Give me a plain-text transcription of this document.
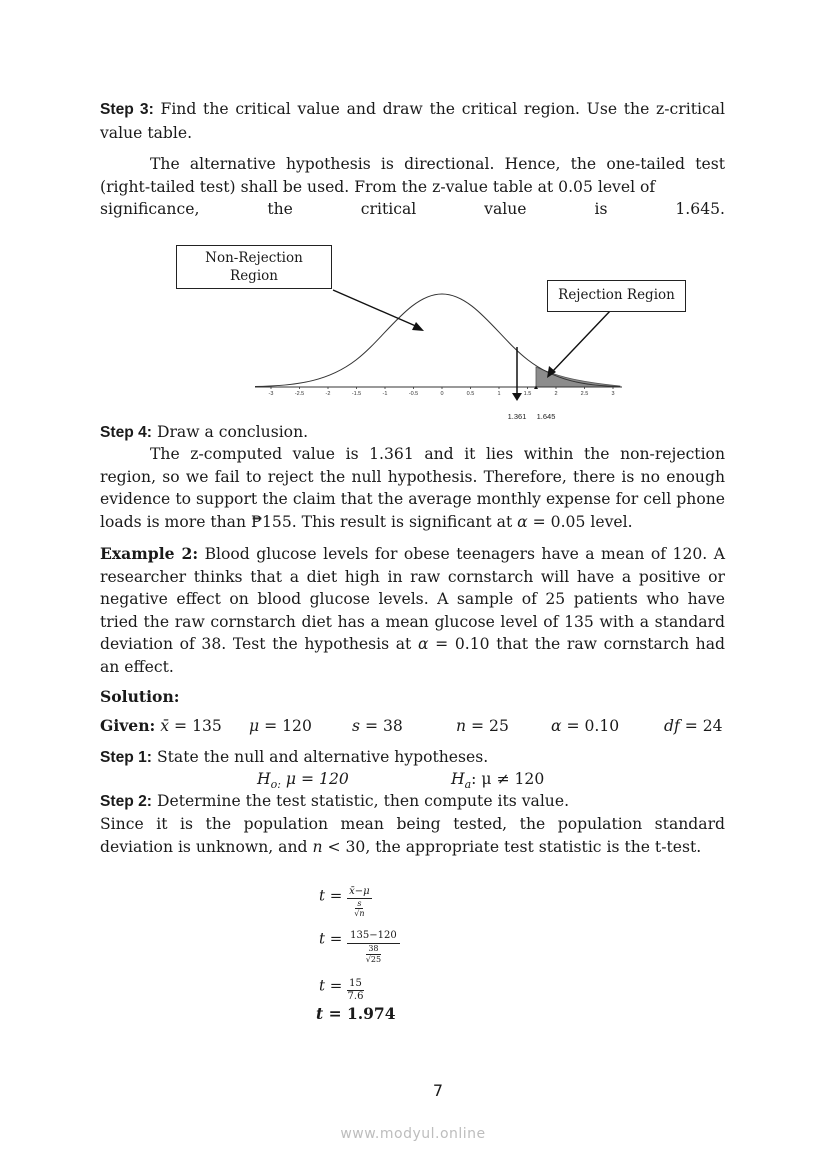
Step 3: Find the critical value and draw the critical region. Use the z-critical value table.
The alternative hypothesis is directional. Hence, the one-tailed test (right-tailed test) shall be used. From the z-value table at 0.05 level of
significance,	the	critical	value	is	1.645.
-3	-2.5	-2	-1.5	-1	-0.5	0	0.5	1	1.5	2	2.5	3
1.361 1.645
Non-Rejection
Region
Rejection Region
Step 4: Draw a conclusion.
The z-computed value is 1.361 and it lies within the non-rejection region, so we fail to reject the null hypothesis. Therefore, there is no enough evidence to support the claim that the average monthly expense for cell phone loads is more than ₱155. This result is significant at α = 0.05 level.
Example 2: Blood glucose levels for obese teenagers have a mean of 120. A researcher thinks that a diet high in raw cornstarch will have a positive or negative effect on blood glucose levels. A sample of 25 patients who have tried the raw cornstarch diet has a mean glucose level of 135 with a standard deviation of 38. Test the hypothesis at α = 0.10 that the raw cornstarch had an effect.
Solution:
Given: x̄ = 135 μ = 120	s = 38	n = 25	α = 0.10	df = 24
Step 1: State the null and alternative hypotheses.
$H_{o:}$ μ = 120	$H_a$: μ ≠ 120
Step 2: Determine the test statistic, then compute its value.
Since it is the population mean being tested, the population standard deviation is unknown, and n < 30, the appropriate test statistic is the t-test.
$t = \frac{x̄-\mu}{\frac{s}{√n}}$
$t = \frac{135-120}{\frac{38}{√25}}$
$t = \frac{15}{7.6}$
t = 1.974
7
www.modyul.online
